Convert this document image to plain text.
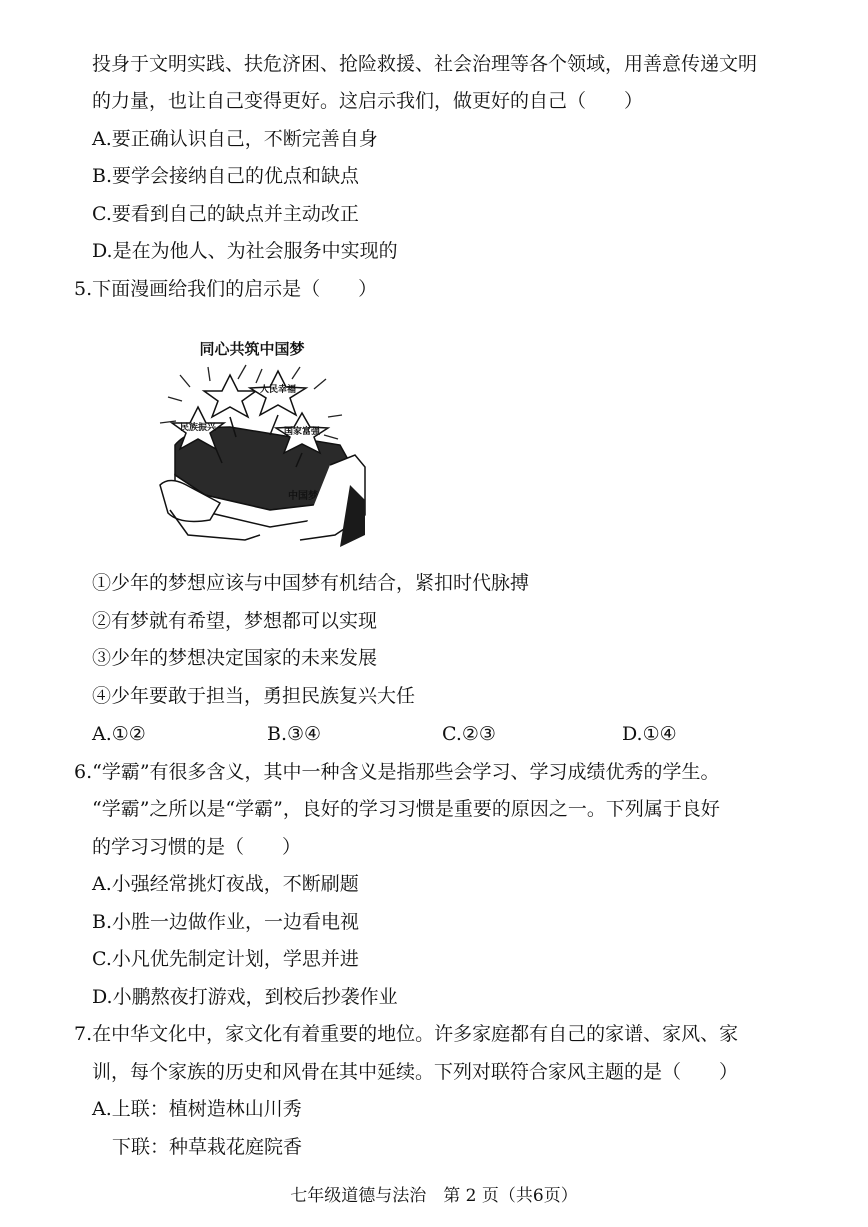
投身于文明实践、扶危济困、抢险救援、社会治理等各个领域，用善意传递文明
的力量，也让自己变得更好。这启示我们，做更好的自己（　　）
A.要正确认识自己，不断完善自身
B.要学会接纳自己的优点和缺点
C.要看到自己的缺点并主动改正
D.是在为他人、为社会服务中实现的
5.下面漫画给我们的启示是（　　）
同心共筑中国梦
人民幸福
民族振兴	国家富强
中国梦
①少年的梦想应该与中国梦有机结合，紧扣时代脉搏
②有梦就有希望，梦想都可以实现
③少年的梦想决定国家的未来发展
④少年要敢于担当，勇担民族复兴大任
A.①②	B.③④	C.②③	D.①④
6.“学霸”有很多含义，其中一种含义是指那些会学习、学习成绩优秀的学生。
“学霸”之所以是“学霸”，良好的学习习惯是重要的原因之一。下列属于良好
的学习习惯的是（　　）
A.小强经常挑灯夜战，不断刷题
B.小胜一边做作业，一边看电视
C.小凡优先制定计划，学思并进
D.小鹏熬夜打游戏，到校后抄袭作业
7.在中华文化中，家文化有着重要的地位。许多家庭都有自己的家谱、家风、家
训，每个家族的历史和风骨在其中延续。下列对联符合家风主题的是（　　）
A.上联：植树造林山川秀
下联：种草栽花庭院香
七年级道德与法治　第 2 页（共6页）
